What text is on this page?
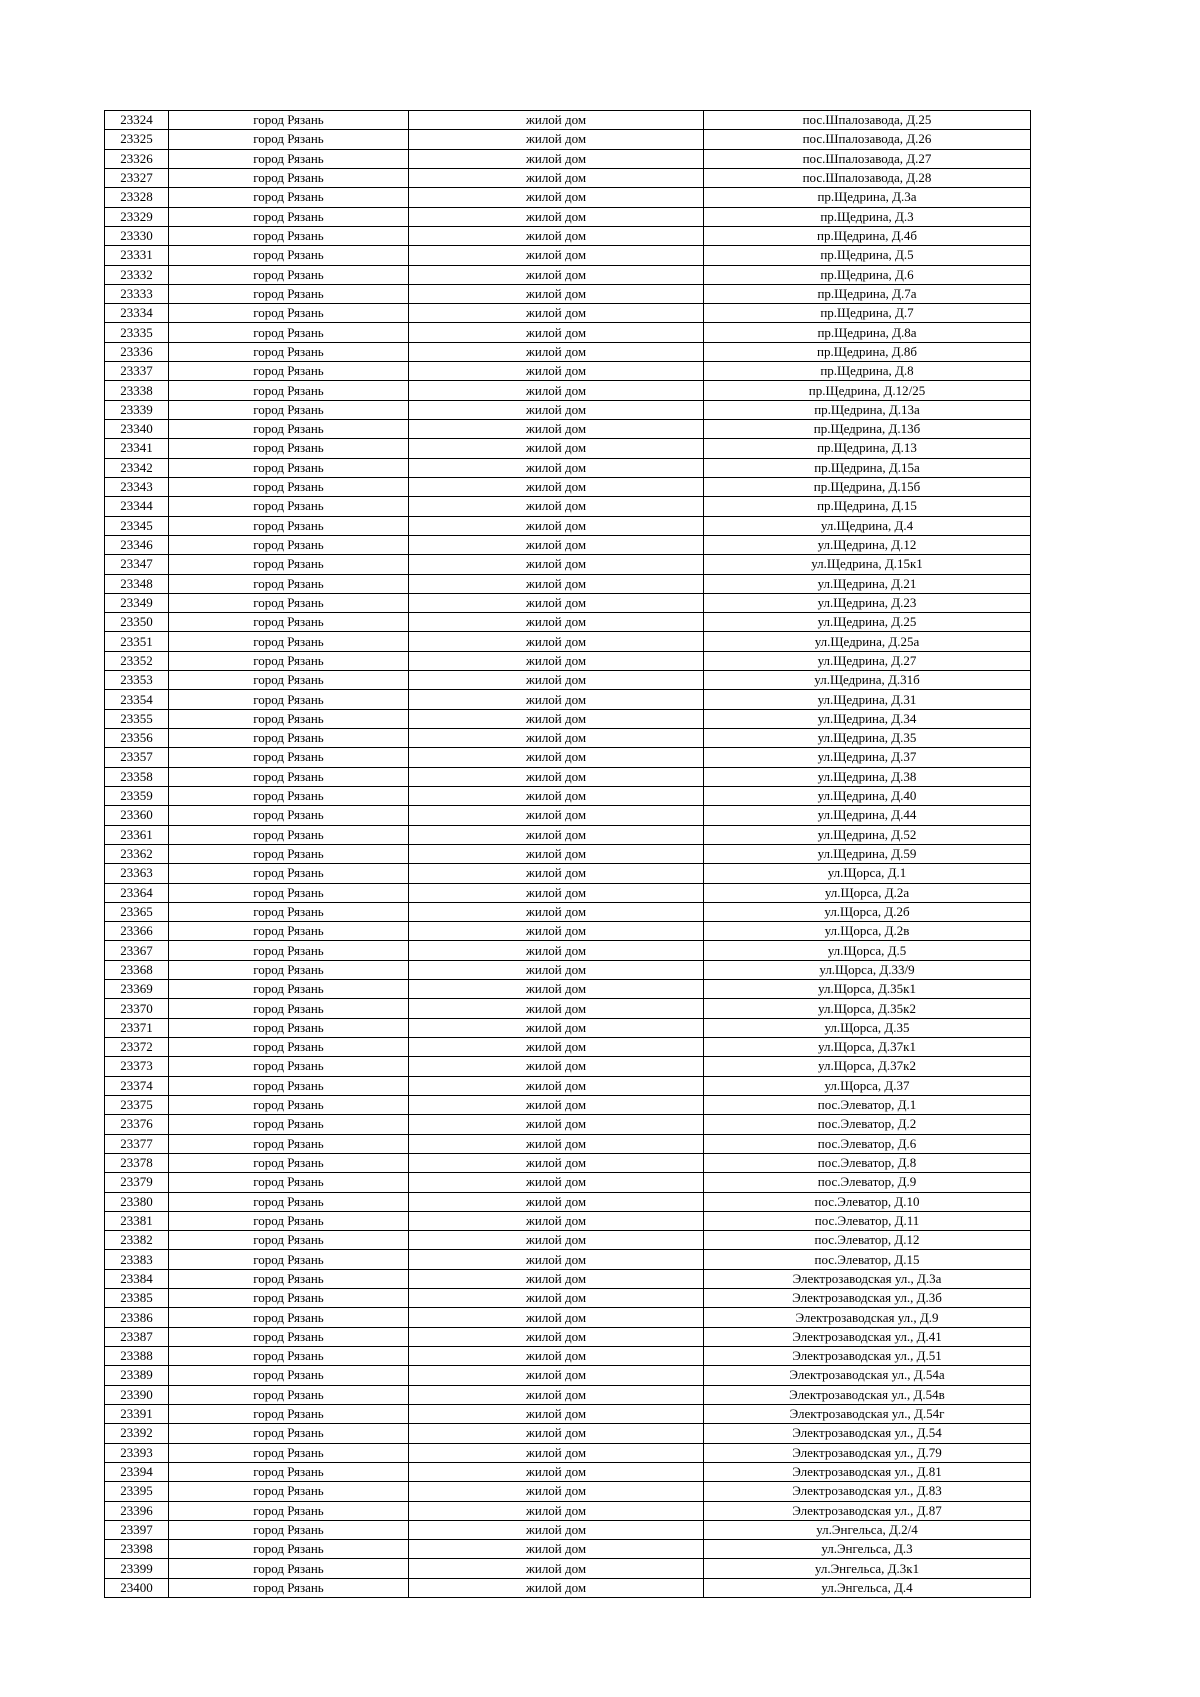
23324	город Рязань	жилой дом	пос.Шпалозавода, Д.25
23325	город Рязань	жилой дом	пос.Шпалозавода, Д.26
23326	город Рязань	жилой дом	пос.Шпалозавода, Д.27
23327	город Рязань	жилой дом	пос.Шпалозавода, Д.28
23328	город Рязань	жилой дом	пр.Щедрина, Д.3а
23329	город Рязань	жилой дом	пр.Щедрина, Д.3
23330	город Рязань	жилой дом	пр.Щедрина, Д.4б
23331	город Рязань	жилой дом	пр.Щедрина, Д.5
23332	город Рязань	жилой дом	пр.Щедрина, Д.6
23333	город Рязань	жилой дом	пр.Щедрина, Д.7а
23334	город Рязань	жилой дом	пр.Щедрина, Д.7
23335	город Рязань	жилой дом	пр.Щедрина, Д.8а
23336	город Рязань	жилой дом	пр.Щедрина, Д.8б
23337	город Рязань	жилой дом	пр.Щедрина, Д.8
23338	город Рязань	жилой дом	пр.Щедрина, Д.12/25
23339	город Рязань	жилой дом	пр.Щедрина, Д.13а
23340	город Рязань	жилой дом	пр.Щедрина, Д.13б
23341	город Рязань	жилой дом	пр.Щедрина, Д.13
23342	город Рязань	жилой дом	пр.Щедрина, Д.15а
23343	город Рязань	жилой дом	пр.Щедрина, Д.15б
23344	город Рязань	жилой дом	пр.Щедрина, Д.15
23345	город Рязань	жилой дом	ул.Щедрина, Д.4
23346	город Рязань	жилой дом	ул.Щедрина, Д.12
23347	город Рязань	жилой дом	ул.Щедрина, Д.15к1
23348	город Рязань	жилой дом	ул.Щедрина, Д.21
23349	город Рязань	жилой дом	ул.Щедрина, Д.23
23350	город Рязань	жилой дом	ул.Щедрина, Д.25
23351	город Рязань	жилой дом	ул.Щедрина, Д.25а
23352	город Рязань	жилой дом	ул.Щедрина, Д.27
23353	город Рязань	жилой дом	ул.Щедрина, Д.31б
23354	город Рязань	жилой дом	ул.Щедрина, Д.31
23355	город Рязань	жилой дом	ул.Щедрина, Д.34
23356	город Рязань	жилой дом	ул.Щедрина, Д.35
23357	город Рязань	жилой дом	ул.Щедрина, Д.37
23358	город Рязань	жилой дом	ул.Щедрина, Д.38
23359	город Рязань	жилой дом	ул.Щедрина, Д.40
23360	город Рязань	жилой дом	ул.Щедрина, Д.44
23361	город Рязань	жилой дом	ул.Щедрина, Д.52
23362	город Рязань	жилой дом	ул.Щедрина, Д.59
23363	город Рязань	жилой дом	ул.Щорса, Д.1
23364	город Рязань	жилой дом	ул.Щорса, Д.2а
23365	город Рязань	жилой дом	ул.Щорса, Д.2б
23366	город Рязань	жилой дом	ул.Щорса, Д.2в
23367	город Рязань	жилой дом	ул.Щорса, Д.5
23368	город Рязань	жилой дом	ул.Щорса, Д.33/9
23369	город Рязань	жилой дом	ул.Щорса, Д.35к1
23370	город Рязань	жилой дом	ул.Щорса, Д.35к2
23371	город Рязань	жилой дом	ул.Щорса, Д.35
23372	город Рязань	жилой дом	ул.Щорса, Д.37к1
23373	город Рязань	жилой дом	ул.Щорса, Д.37к2
23374	город Рязань	жилой дом	ул.Щорса, Д.37
23375	город Рязань	жилой дом	пос.Элеватор, Д.1
23376	город Рязань	жилой дом	пос.Элеватор, Д.2
23377	город Рязань	жилой дом	пос.Элеватор, Д.6
23378	город Рязань	жилой дом	пос.Элеватор, Д.8
23379	город Рязань	жилой дом	пос.Элеватор, Д.9
23380	город Рязань	жилой дом	пос.Элеватор, Д.10
23381	город Рязань	жилой дом	пос.Элеватор, Д.11
23382	город Рязань	жилой дом	пос.Элеватор, Д.12
23383	город Рязань	жилой дом	пос.Элеватор, Д.15
23384	город Рязань	жилой дом	Электрозаводская ул., Д.3а
23385	город Рязань	жилой дом	Электрозаводская ул., Д.3б
23386	город Рязань	жилой дом	Электрозаводская ул., Д.9
23387	город Рязань	жилой дом	Электрозаводская ул., Д.41
23388	город Рязань	жилой дом	Электрозаводская ул., Д.51
23389	город Рязань	жилой дом	Электрозаводская ул., Д.54а
23390	город Рязань	жилой дом	Электрозаводская ул., Д.54в
23391	город Рязань	жилой дом	Электрозаводская ул., Д.54г
23392	город Рязань	жилой дом	Электрозаводская ул., Д.54
23393	город Рязань	жилой дом	Электрозаводская ул., Д.79
23394	город Рязань	жилой дом	Электрозаводская ул., Д.81
23395	город Рязань	жилой дом	Электрозаводская ул., Д.83
23396	город Рязань	жилой дом	Электрозаводская ул., Д.87
23397	город Рязань	жилой дом	ул.Энгельса, Д.2/4
23398	город Рязань	жилой дом	ул.Энгельса, Д.3
23399	город Рязань	жилой дом	ул.Энгельса, Д.3к1
23400	город Рязань	жилой дом	ул.Энгельса, Д.4
